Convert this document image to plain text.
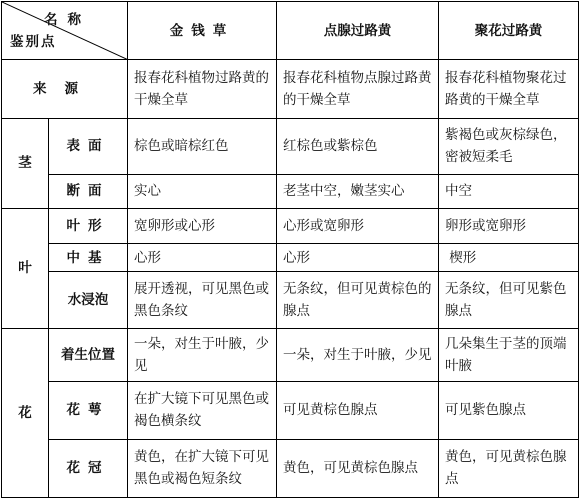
名称
鉴别点		金钱草	点腺过路黄	聚花过路黄
来源		报春花科植物过路黄的干燥全草	报春花科植物点腺过路黄的干燥全草	报春花科植物聚花过路黄的干燥全草
茎	表面	棕色或暗棕红色	红棕色或紫棕色	紫褐色或灰棕绿色，密被短柔毛
	断面	实心	老茎中空，嫩茎实心	中空
叶	叶形	宽卵形或心形	心形或宽卵形	卵形或宽卵形
	中基	心形	心形	楔形
	水浸泡	展开透视，可见黑色或黑色条纹	无条纹，但可见黄棕色的腺点	无条纹，但可见紫色腺点
花	着生位置	一朵，对生于叶腋，少见	一朵，对生于叶腋，少见	几朵集生于茎的顶端叶腋
	花萼	在扩大镜下可见黑色或褐色横条纹	可见黄棕色腺点	可见紫色腺点
	花冠	黄色，在扩大镜下可见黑色或褐色短条纹	黄色，可见黄棕色腺点	黄色，可见黄棕色腺点
